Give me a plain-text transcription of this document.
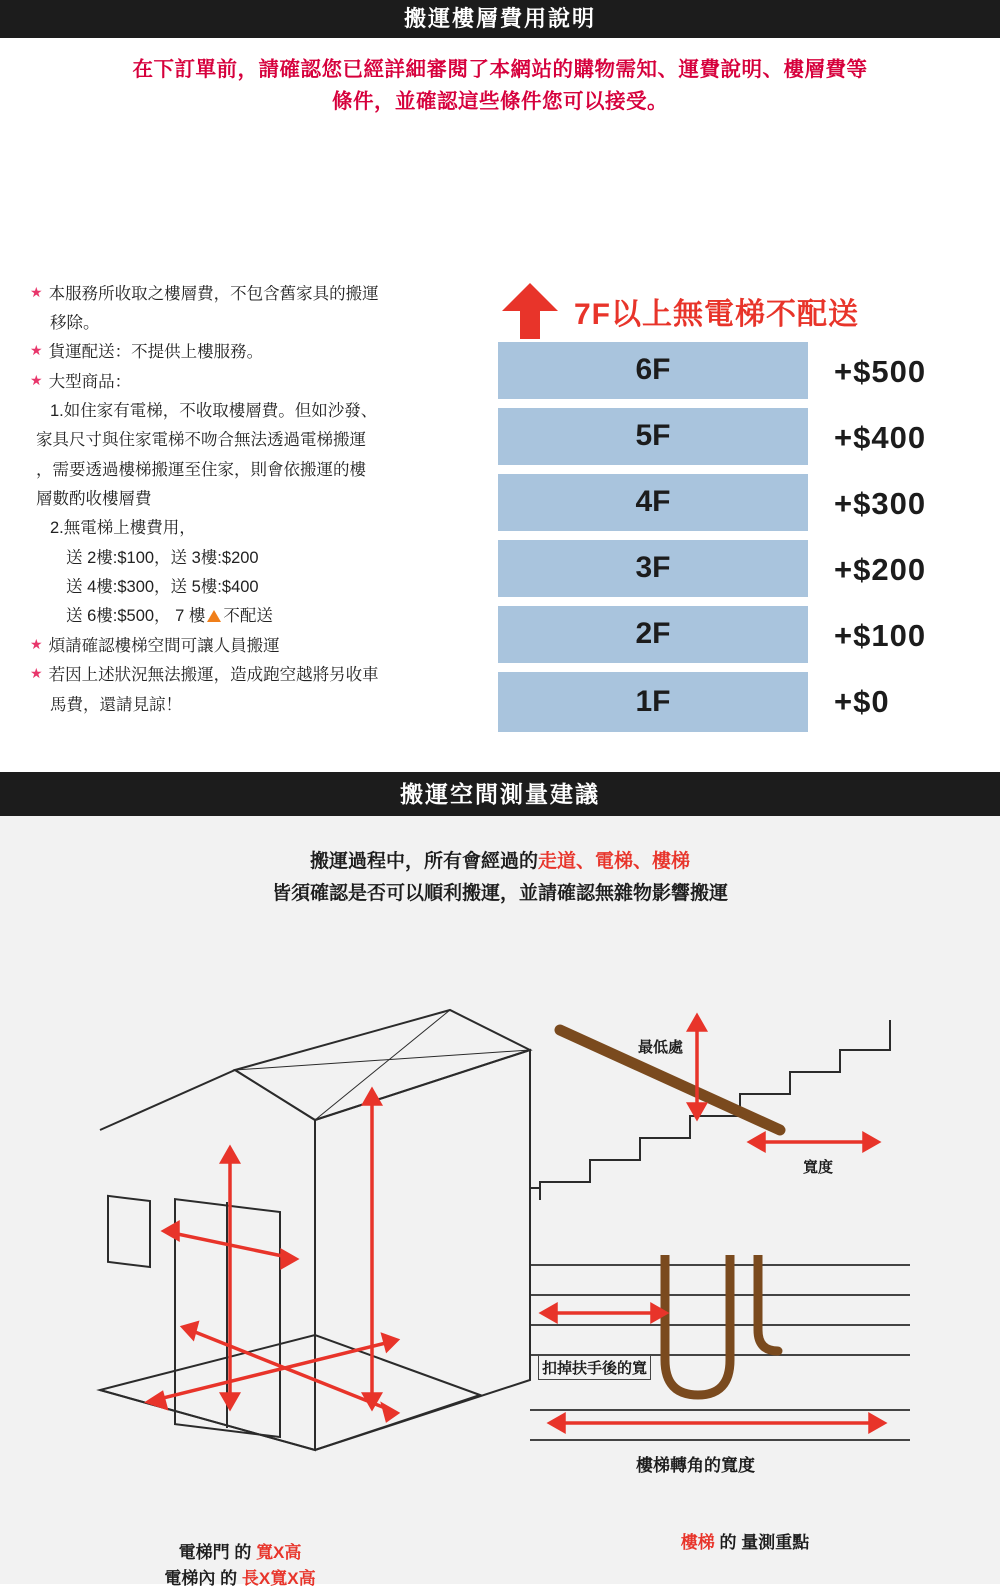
搬運樓層費用說明
在下訂單前，請確認您已經詳細審閱了本網站的購物需知、運費說明、樓層費等
條件，並確認這些條件您可以接受。
★ 本服務所收取之樓層費，不包含舊家具的搬運
移除。
★ 貨運配送：不提供上樓服務。
★ 大型商品：
1.如住家有電梯，不收取樓層費。但如沙發、
家具尺寸與住家電梯不吻合無法透過電梯搬運
，需要透過樓梯搬運至住家，則會依搬運的樓
層數酌收樓層費
2.無電梯上樓費用，
送 2樓:$100，送 3樓:$200
送 4樓:$300，送 5樓:$400
送 6樓:$500， 7 樓 不配送
★ 煩請確認樓梯空間可讓人員搬運
★ 若因上述狀況無法搬運，造成跑空越將另收車
馬費，還請見諒！
7F以上無電梯不配送
6F	+$500
5F	+$400
4F	+$300
3F	+$200
2F	+$100
1F	+$0
搬運空間測量建議
搬運過程中，所有會經過的走道、電梯、樓梯
皆須確認是否可以順利搬運，並請確認無雜物影響搬運
電梯門 的 寬X高
電梯內 的 長X寬X高
最低處
寬度
扣掉扶手後的寬
樓梯轉角的寬度
樓梯 的 量測重點
